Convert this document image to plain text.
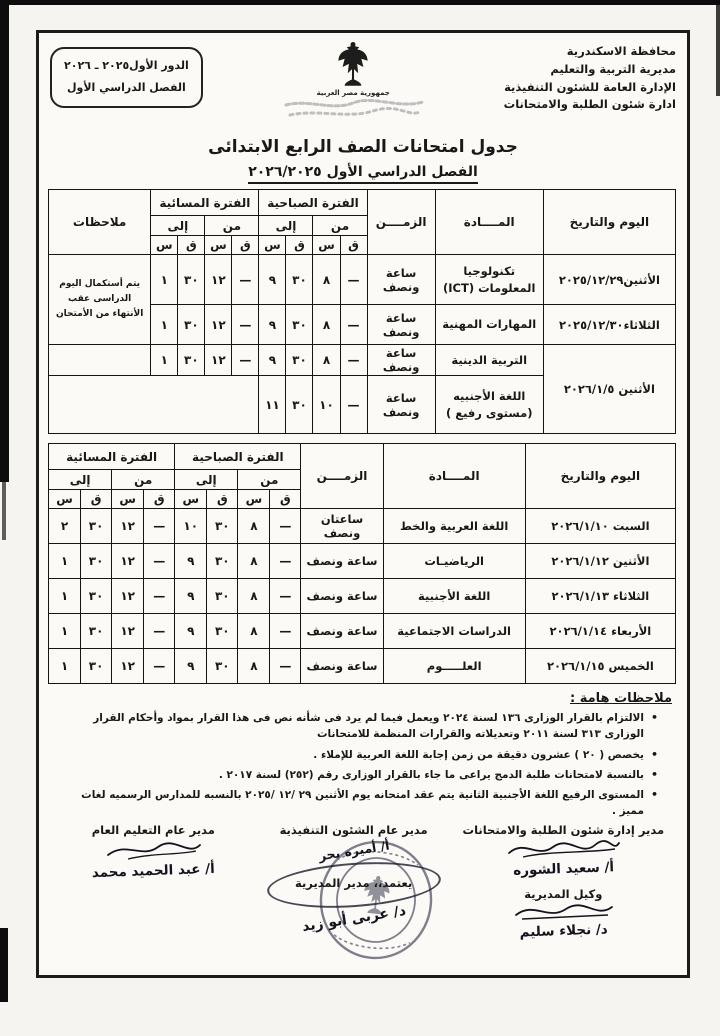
محافظة الاسكندرية
مديرية التربية والتعليم
الإدارة العامة للشئون التنفيذية
ادارة شئون الطلبة والامتحانات
جمهورية مصر العربية
الدور الأول٢٠٢٥ ـ ٢٠٢٦
الفصل الدراسي الأول
جدول امتحانات الصف الرابع الابتدائى
الفصل الدراسي الأول ٢٠٢٦/٢٠٢٥
اليوم والتاريخ	المــــادة	الزمــــن	الفترة الصباحية				الفترة المسائية				ملاحظات
			من		إلى		من		إلى		
			ق	س	ق	س	ق	س	ق	س	
الأثنين٢٠٢٥/١٢/٢٩	تكنولوجيا المعلومات (ICT)	ساعة ونصف	—	٨	٣٠	٩	—	١٢	٣٠	١	يتم أستكمال اليوم الدراسى عقب الأنتهاء من الأمتحان
الثلاثاء٢٠٢٥/١٢/٣٠	المهارات المهنية	ساعة ونصف	—	٨	٣٠	٩	—	١٢	٣٠	١	
الأثنين ٢٠٢٦/١/٥	التربية الدينية	ساعة ونصف	—	٨	٣٠	٩	—	١٢	٣٠	١	
	اللغة الأجنبيه (مستوى رفيع )	ساعة ونصف	—	١٠	٣٠	١١					
اليوم والتاريخ	المــــادة	الزمــــن	الفترة الصباحية				الفترة المسائية			
			من		إلى		من		إلى	
			ق	س	ق	س	ق	س	ق	س
السبت ٢٠٢٦/١/١٠	اللغة العربية والخط	ساعتان ونصف	—	٨	٣٠	١٠	—	١٢	٣٠	٢
الأثنين ٢٠٢٦/١/١٢	الرياضيـات	ساعة ونصف	—	٨	٣٠	٩	—	١٢	٣٠	١
الثلاثاء ٢٠٢٦/١/١٣	اللغة الأجنبية	ساعة ونصف	—	٨	٣٠	٩	—	١٢	٣٠	١
الأربعاء ٢٠٢٦/١/١٤	الدراسات الاجتماعية	ساعة ونصف	—	٨	٣٠	٩	—	١٢	٣٠	١
الخميس ٢٠٢٦/١/١٥	العلـــــوم	ساعة ونصف	—	٨	٣٠	٩	—	١٢	٣٠	١
ملاحظات هامة :
•
الالتزام بالقرار الوزارى ١٣٦ لسنة ٢٠٢٤ ويعمل فيما لم يرد فى شأنه نص فى هذا القرار بمواد وأحكام القرار الوزارى ٣١٣ لسنة ٢٠١١ وتعديلاته والقرارات المنظمة للامتحانات
•
يخصص ( ٢٠ ) عشرون دقيقة من زمن إجابة اللغة العربية للإملاء .
•
بالنسبة لامتحانات طلبة الدمج يراعى ما جاء بالقرار الوزارى رقم (٢٥٢) لسنة ٢٠١٧ .
•
المستوى الرفيع اللغة الأجنبية الثانية يتم عقد امتحانه يوم الأثنين ٢٩ /١٢ /٢٠٢٥ بالنسبه للمدارس الرسميه لغات مميز .
مدير إدارة شئون الطلبة والامتحانات
أ/ سعيد الشوره
وكيل المديرية
د/ نجلاء سليم
مدير عام الشئون التنفيذية
أ/ أميره بحر
يعتمد،، مدير المديرية
د/ عربى أبو زيد
مدير عام التعليم العام
أ/ عبد الحميد محمد
